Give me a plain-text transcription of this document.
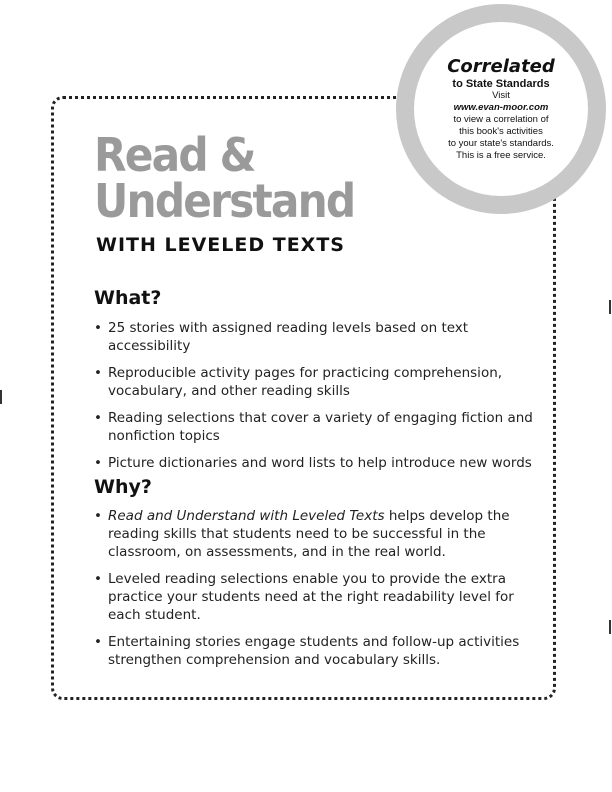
Read &
Understand
WITH LEVELED TEXTS
What?
• 25 stories with assigned reading levels based on text accessibility
• Reproducible activity pages for practicing comprehension, vocabulary, and other reading skills
• Reading selections that cover a variety of engaging fiction and nonfiction topics
• Picture dictionaries and word lists to help introduce new words
Why?
• Read and Understand with Leveled Texts helps develop the reading skills that students need to be successful in the classroom, on assessments, and in the real world.
• Leveled reading selections enable you to provide the extra practice your students need at the right readability level for each student.
• Entertaining stories engage students and follow-up activities strengthen comprehension and vocabulary skills.
Correlated
to State Standards
Visit
www.evan-moor.com
to view a correlation of
this book's activities
to your state's standards.
This is a free service.
